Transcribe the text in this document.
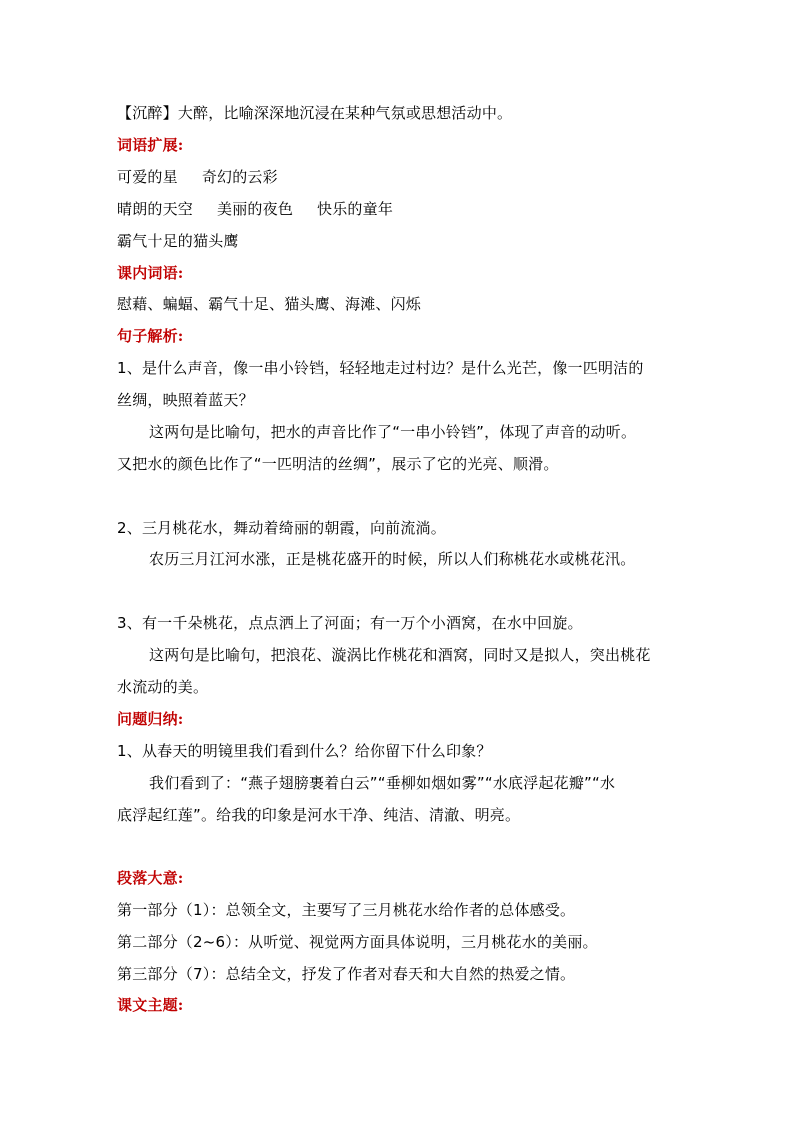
【沉醉】大醉，比喻深深地沉浸在某种气氛或思想活动中。
词语扩展:
可爱的星 奇幻的云彩
晴朗的天空 美丽的夜色 快乐的童年
霸气十足的猫头鹰
课内词语:
慰藉、蝙蝠、霸气十足、猫头鹰、海滩、闪烁
句子解析:
1、是什么声音，像一串小铃铛，轻轻地走过村边？是什么光芒，像一匹明洁的
丝绸，映照着蓝天？
这两句是比喻句，把水的声音比作了“一串小铃铛”，体现了声音的动听。
又把水的颜色比作了“一匹明洁的丝绸”，展示了它的光亮、顺滑。
2、三月桃花水，舞动着绮丽的朝霞，向前流淌。
农历三月江河水涨，正是桃花盛开的时候，所以人们称桃花水或桃花汛。
3、有一千朵桃花，点点洒上了河面；有一万个小酒窝，在水中回旋。
这两句是比喻句，把浪花、漩涡比作桃花和酒窝，同时又是拟人，突出桃花
水流动的美。
问题归纳:
1、从春天的明镜里我们看到什么？给你留下什么印象？
我们看到了：“燕子翅膀裹着白云”“垂柳如烟如雾”“水底浮起花瓣”“水
底浮起红莲”。给我的印象是河水干净、纯洁、清澈、明亮。
段落大意:
第一部分（1）：总领全文，主要写了三月桃花水给作者的总体感受。
第二部分（2~6）：从听觉、视觉两方面具体说明，三月桃花水的美丽。
第三部分（7）：总结全文，抒发了作者对春天和大自然的热爱之情。
课文主题:
